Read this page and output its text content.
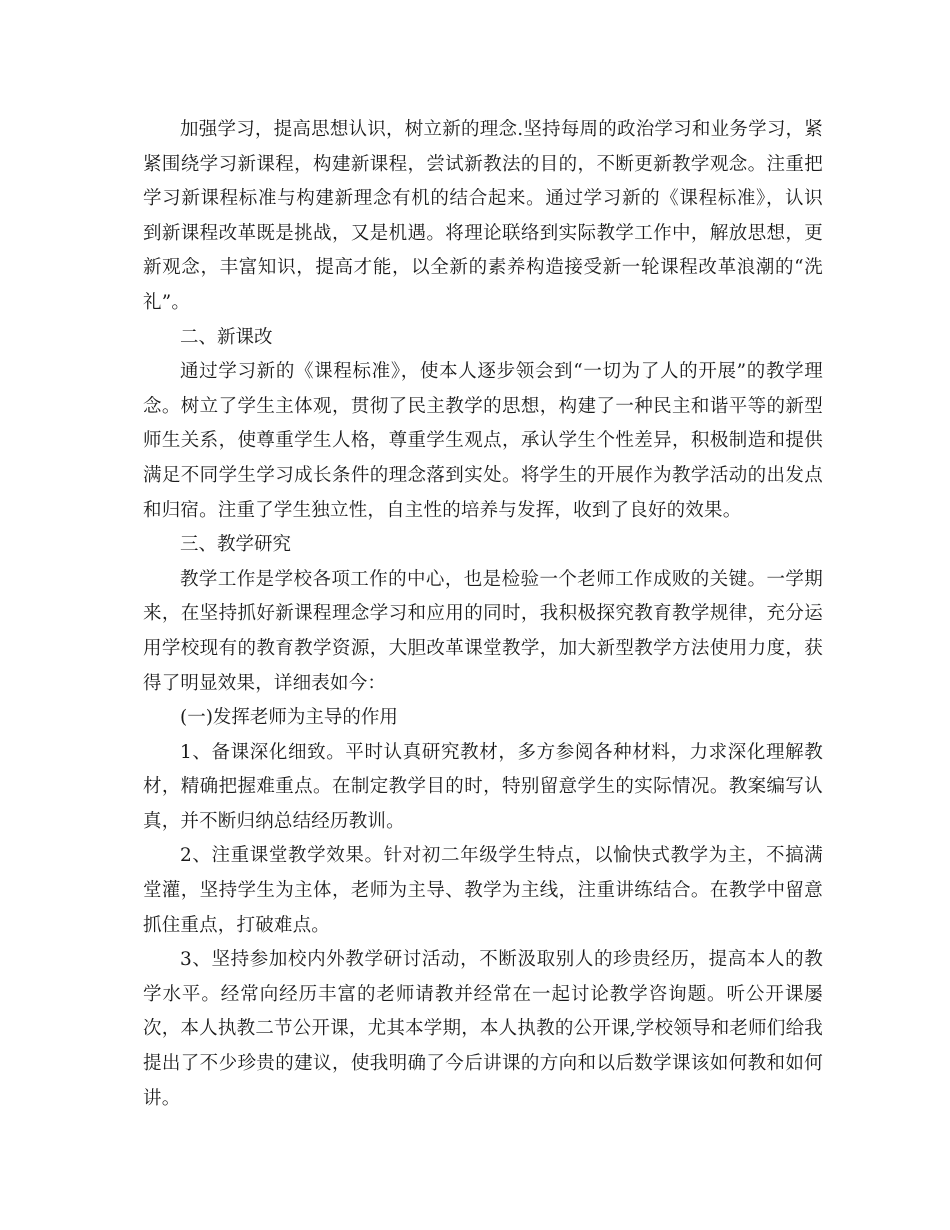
加强学习，提高思想认识，树立新的理念.坚持每周的政治学习和业务学习，紧紧围绕学习新课程，构建新课程，尝试新教法的目的，不断更新教学观念。注重把学习新课程标准与构建新理念有机的结合起来。通过学习新的《课程标准》，认识到新课程改革既是挑战，又是机遇。将理论联络到实际教学工作中，解放思想，更新观念，丰富知识，提高才能，以全新的素养构造接受新一轮课程改革浪潮的“洗礼”。

二、新课改

通过学习新的《课程标准》，使本人逐步领会到“一切为了人的开展”的教学理念。树立了学生主体观，贯彻了民主教学的思想，构建了一种民主和谐平等的新型师生关系，使尊重学生人格，尊重学生观点，承认学生个性差异，积极制造和提供满足不同学生学习成长条件的理念落到实处。将学生的开展作为教学活动的出发点和归宿。注重了学生独立性，自主性的培养与发挥，收到了良好的效果。

三、教学研究

教学工作是学校各项工作的中心，也是检验一个老师工作成败的关键。一学期来，在坚持抓好新课程理念学习和应用的同时，我积极探究教育教学规律，充分运用学校现有的教育教学资源，大胆改革课堂教学，加大新型教学方法使用力度，获得了明显效果，详细表如今：

(一)发挥老师为主导的作用

1、备课深化细致。平时认真研究教材，多方参阅各种材料，力求深化理解教材，精确把握难重点。在制定教学目的时，特别留意学生的实际情况。教案编写认真，并不断归纳总结经历教训。

2、注重课堂教学效果。针对初二年级学生特点，以愉快式教学为主，不搞满堂灌，坚持学生为主体，老师为主导、教学为主线，注重讲练结合。在教学中留意抓住重点，打破难点。

3、坚持参加校内外教学研讨活动，不断汲取别人的珍贵经历，提高本人的教学水平。经常向经历丰富的老师请教并经常在一起讨论教学咨询题。听公开课屡次，本人执教二节公开课，尤其本学期，本人执教的公开课,学校领导和老师们给我提出了不少珍贵的建议，使我明确了今后讲课的方向和以后数学课该如何教和如何讲。
